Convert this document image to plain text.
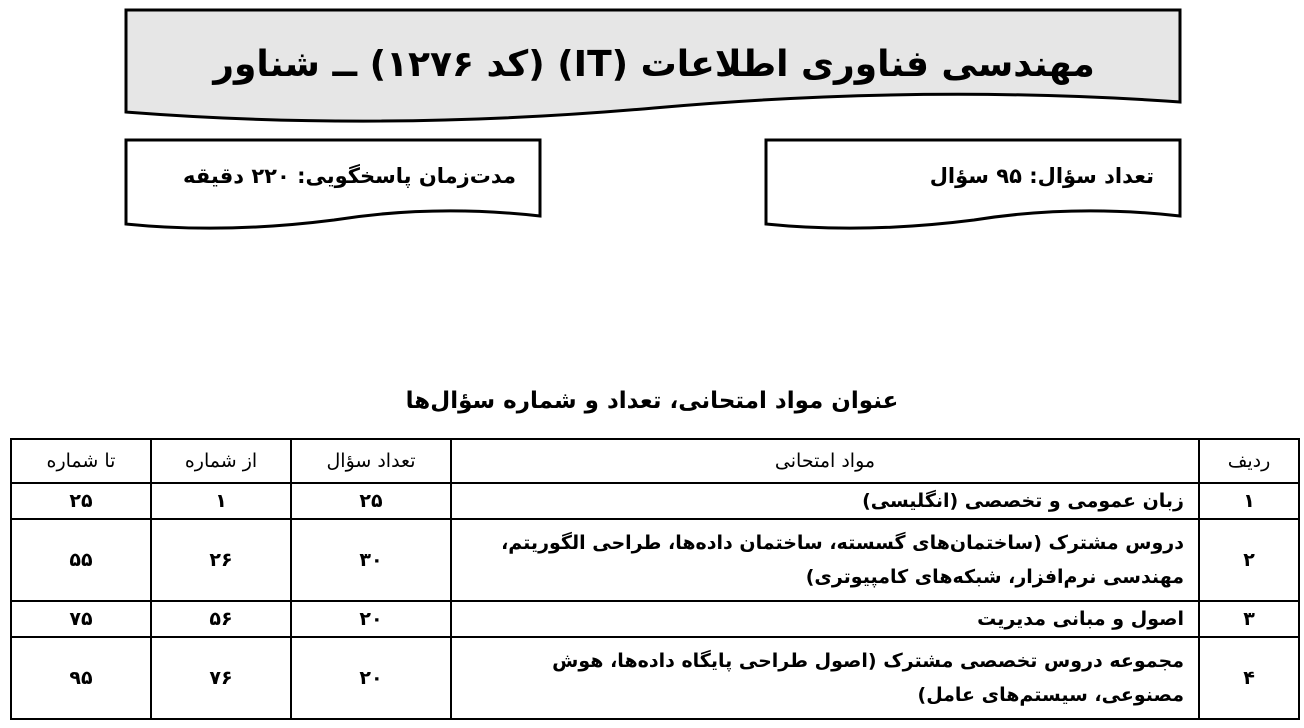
مهندسی فناوری اطلاعات (IT) (کد ۱۲۷۶) ــ شناور
تعداد سؤال: ۹۵ سؤال
مدت‌زمان پاسخگویی: ۲۲۰ دقیقه
عنوان مواد امتحانی، تعداد و شماره سؤال‌ها
ردیف	مواد امتحانی	تعداد سؤال	از شماره	تا شماره
۱	زبان عمومی و تخصصی (انگلیسی)	۲۵	۱	۲۵
۲	دروس مشترک (ساختمان‌های گسسته، ساختمان داده‌ها، طراحی الگوریتم، مهندسی نرم‌افزار، شبکه‌های کامپیوتری)	۳۰	۲۶	۵۵
۳	اصول و مبانی مدیریت	۲۰	۵۶	۷۵
۴	مجموعه دروس تخصصی مشترک (اصول طراحی پایگاه داده‌ها، هوش مصنوعی، سیستم‌های عامل)	۲۰	۷۶	۹۵
